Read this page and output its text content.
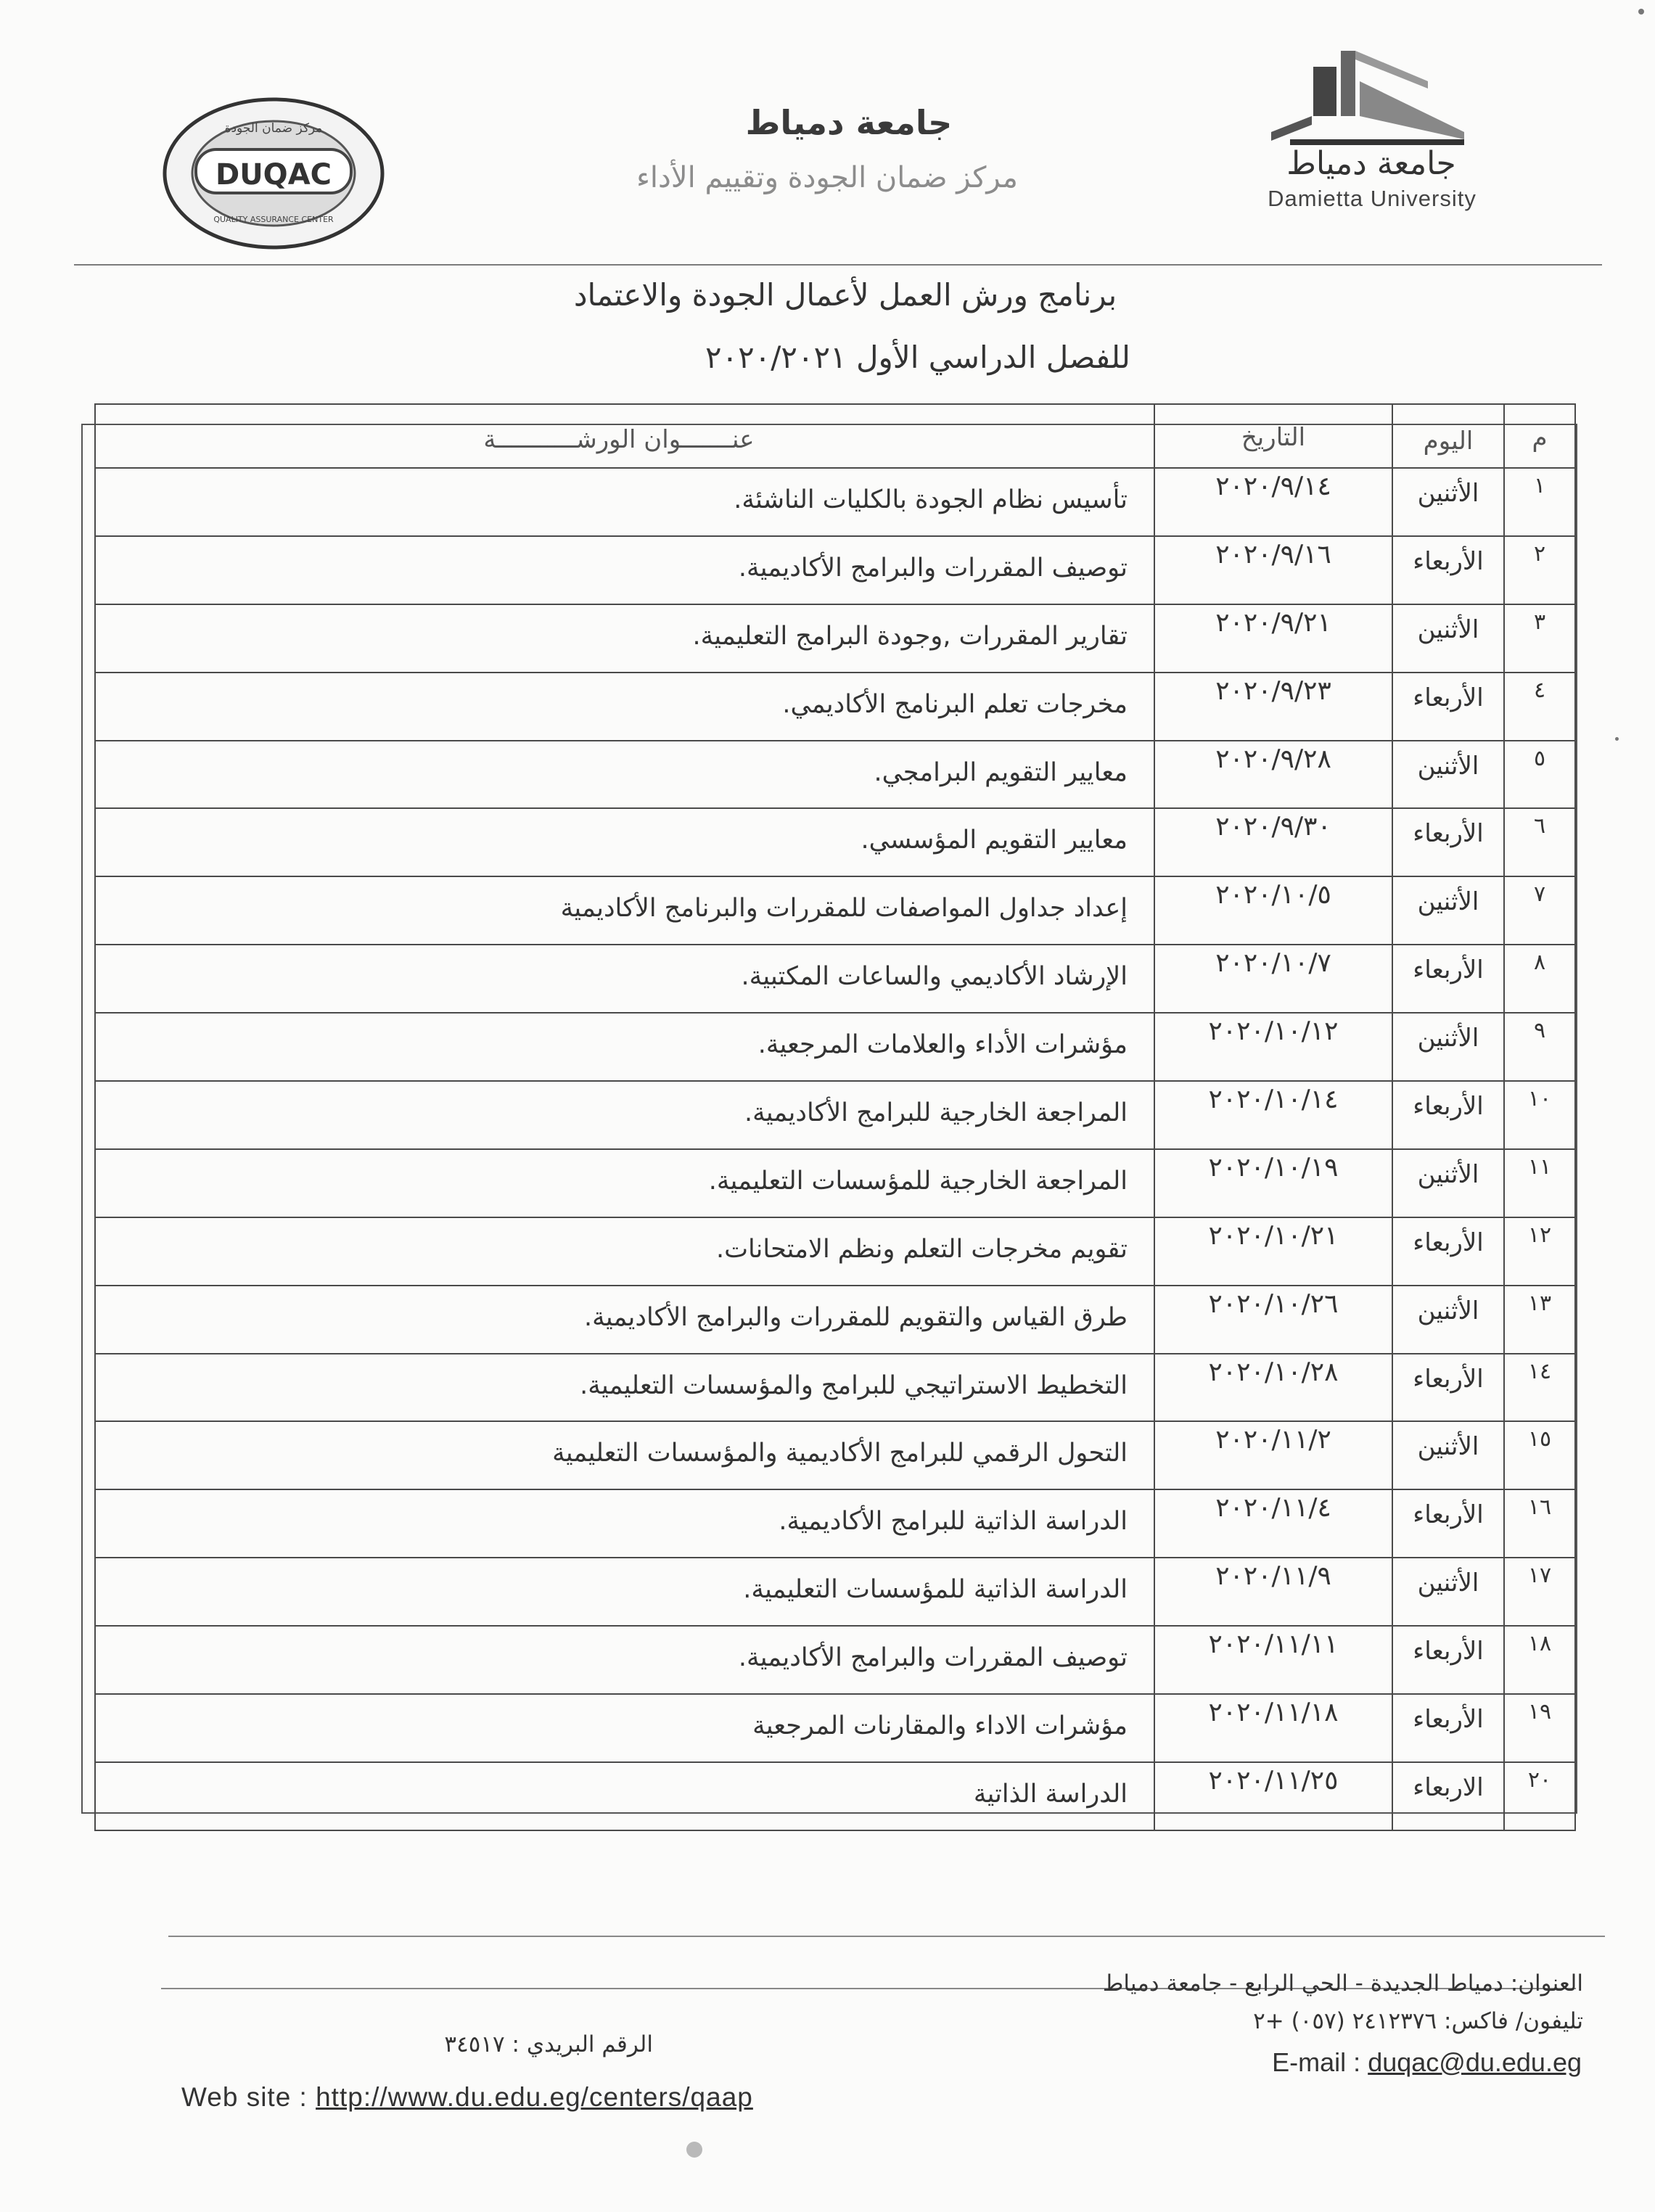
DUQAC
مركز ضمان الجودة
QUALITY ASSURANCE CENTER
جامعة دمياط
مركز ضمان الجودة وتقييم الأداء	جامعة دمياط
Damietta University
برنامج ورش العمل لأعمال الجودة والاعتماد
للفصل الدراسي الأول ٢٠٢٠/٢٠٢١
م	اليوم	التاريخ	عنـــــــوان الورشـــــــــــة
١	الأثنين	٢٠٢٠/٩/١٤	تأسيس نظام الجودة بالكليات الناشئة.
٢	الأربعاء	٢٠٢٠/٩/١٦	توصيف المقررات والبرامج الأكاديمية.
٣	الأثنين	٢٠٢٠/٩/٢١	تقارير المقررات ,وجودة البرامج التعليمية.
٤	الأربعاء	٢٠٢٠/٩/٢٣	مخرجات تعلم البرنامج الأكاديمي.
٥	الأثنين	٢٠٢٠/٩/٢٨	معايير التقويم البرامجي.
٦	الأربعاء	٢٠٢٠/٩/٣٠	معايير التقويم المؤسسي.
٧	الأثنين	٢٠٢٠/١٠/٥	إعداد جداول المواصفات للمقررات والبرنامج الأكاديمية
٨	الأربعاء	٢٠٢٠/١٠/٧	الإرشاد الأكاديمي والساعات المكتبية.
٩	الأثنين	٢٠٢٠/١٠/١٢	مؤشرات الأداء والعلامات المرجعية.
١٠	الأربعاء	٢٠٢٠/١٠/١٤	المراجعة الخارجية للبرامج الأكاديمية.
١١	الأثنين	٢٠٢٠/١٠/١٩	المراجعة الخارجية للمؤسسات التعليمية.
١٢	الأربعاء	٢٠٢٠/١٠/٢١	تقويم مخرجات التعلم ونظم الامتحانات.
١٣	الأثنين	٢٠٢٠/١٠/٢٦	طرق القياس والتقويم للمقررات والبرامج الأكاديمية.
١٤	الأربعاء	٢٠٢٠/١٠/٢٨	التخطيط الاستراتيجي للبرامج والمؤسسات التعليمية.
١٥	الأثنين	٢٠٢٠/١١/٢	التحول الرقمي للبرامج الأكاديمية والمؤسسات التعليمية
١٦	الأربعاء	٢٠٢٠/١١/٤	الدراسة الذاتية للبرامج الأكاديمية.
١٧	الأثنين	٢٠٢٠/١١/٩	الدراسة الذاتية للمؤسسات التعليمية.
١٨	الأربعاء	٢٠٢٠/١١/١١	توصيف المقررات والبرامج الأكاديمية.
١٩	الأربعاء	٢٠٢٠/١١/١٨	مؤشرات الاداء والمقارنات المرجعية
٢٠	الاربعاء	٢٠٢٠/١١/٢٥	الدراسة الذاتية
العنوان: دمياط الجديدة - الحي الرابع - جامعة دمياط
تليفون/ فاكس: ٢٤١٢٣٧٦ (٠٥٧) +٢
الرقم البريدي : ٣٤٥١٧
E-mail : duqac@du.edu.eg
Web site : http://www.du.edu.eg/centers/qaap
